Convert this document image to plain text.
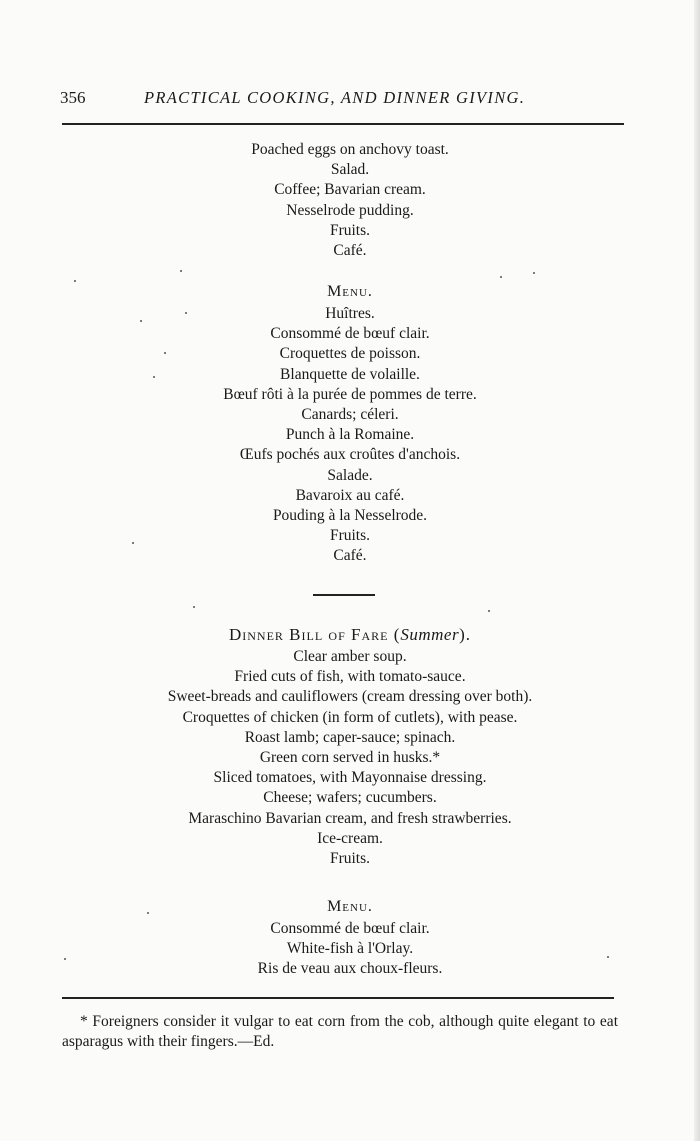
356	PRACTICAL COOKING, AND DINNER GIVING.
Poached eggs on anchovy toast.
Salad.
Coffee; Bavarian cream.
Nesselrode pudding.
Fruits.
Café.
Menu.
Huîtres.
Consommé de bœuf clair.
Croquettes de poisson.
Blanquette de volaille.
Bœuf rôti à la purée de pommes de terre.
Canards; céleri.
Punch à la Romaine.
Œufs pochés aux croûtes d'anchois.
Salade.
Bavaroix au café.
Pouding à la Nesselrode.
Fruits.
Café.
Dinner Bill of Fare (Summer).
Clear amber soup.
Fried cuts of fish, with tomato-sauce.
Sweet-breads and cauliflowers (cream dressing over both).
Croquettes of chicken (in form of cutlets), with pease.
Roast lamb; caper-sauce; spinach.
Green corn served in husks.*
Sliced tomatoes, with Mayonnaise dressing.
Cheese; wafers; cucumbers.
Maraschino Bavarian cream, and fresh strawberries.
Ice-cream.
Fruits.
Menu.
Consommé de bœuf clair.
White-fish à l'Orlay.
Ris de veau aux choux-fleurs.
* Foreigners consider it vulgar to eat corn from the cob, although quite elegant to eat asparagus with their fingers.—Ed.
